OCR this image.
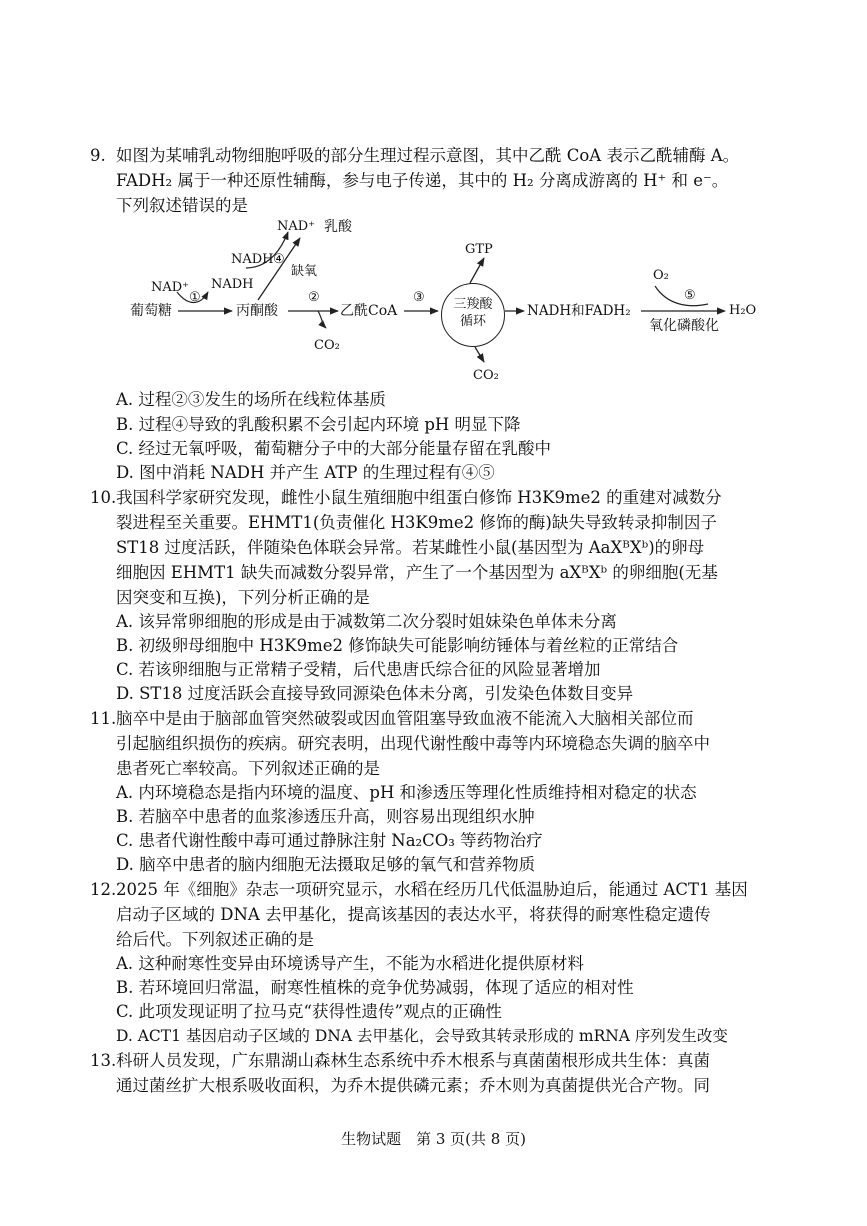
9. 如图为某哺乳动物细胞呼吸的部分生理过程示意图，其中乙酰 CoA 表示乙酰辅酶 A。
FADH₂ 属于一种还原性辅酶，参与电子传递，其中的 H₂ 分离成游离的 H⁺ 和 e⁻。
下列叙述错误的是
NAD⁺ NADH
①
葡萄糖	丙酮酸
NADH ④
NAD⁺ 乳酸
缺氧
②
乙酰CoA
CO₂
③	三羧酸
循环
GTP
CO₂
NADH和FADH₂
O₂
⑤
H₂O
氧化磷酸化
A. 过程②③发生的场所在线粒体基质
B. 过程④导致的乳酸积累不会引起内环境 pH 明显下降
C. 经过无氧呼吸，葡萄糖分子中的大部分能量存留在乳酸中
D. 图中消耗 NADH 并产生 ATP 的生理过程有④⑤
10. 我国科学家研究发现，雌性小鼠生殖细胞中组蛋白修饰 H3K9me2 的重建对减数分
裂进程至关重要。EHMT1(负责催化 H3K9me2 修饰的酶)缺失导致转录抑制因子
ST18 过度活跃，伴随染色体联会异常。若某雌性小鼠(基因型为 AaXᴮXᵇ)的卵母
细胞因 EHMT1 缺失而减数分裂异常，产生了一个基因型为 aXᴮXᵇ 的卵细胞(无基
因突变和互换)，下列分析正确的是
A. 该异常卵细胞的形成是由于减数第二次分裂时姐妹染色单体未分离
B. 初级卵母细胞中 H3K9me2 修饰缺失可能影响纺锤体与着丝粒的正常结合
C. 若该卵细胞与正常精子受精，后代患唐氏综合征的风险显著增加
D. ST18 过度活跃会直接导致同源染色体未分离，引发染色体数目变异
11. 脑卒中是由于脑部血管突然破裂或因血管阻塞导致血液不能流入大脑相关部位而
引起脑组织损伤的疾病。研究表明，出现代谢性酸中毒等内环境稳态失调的脑卒中
患者死亡率较高。下列叙述正确的是
A. 内环境稳态是指内环境的温度、pH 和渗透压等理化性质维持相对稳定的状态
B. 若脑卒中患者的血浆渗透压升高，则容易出现组织水肿
C. 患者代谢性酸中毒可通过静脉注射 Na₂CO₃ 等药物治疗
D. 脑卒中患者的脑内细胞无法摄取足够的氧气和营养物质
12. 2025 年《细胞》杂志一项研究显示，水稻在经历几代低温胁迫后，能通过 ACT1 基因
启动子区域的 DNA 去甲基化，提高该基因的表达水平，将获得的耐寒性稳定遗传
给后代。下列叙述正确的是
A. 这种耐寒性变异由环境诱导产生，不能为水稻进化提供原材料
B. 若环境回归常温，耐寒性植株的竞争优势减弱，体现了适应的相对性
C. 此项发现证明了拉马克“获得性遗传”观点的正确性
D. ACT1 基因启动子区域的 DNA 去甲基化，会导致其转录形成的 mRNA 序列发生改变
13. 科研人员发现，广东鼎湖山森林生态系统中乔木根系与真菌菌根形成共生体：真菌
通过菌丝扩大根系吸收面积，为乔木提供磷元素；乔木则为真菌提供光合产物。同
生物试题　第 3 页(共 8 页)
